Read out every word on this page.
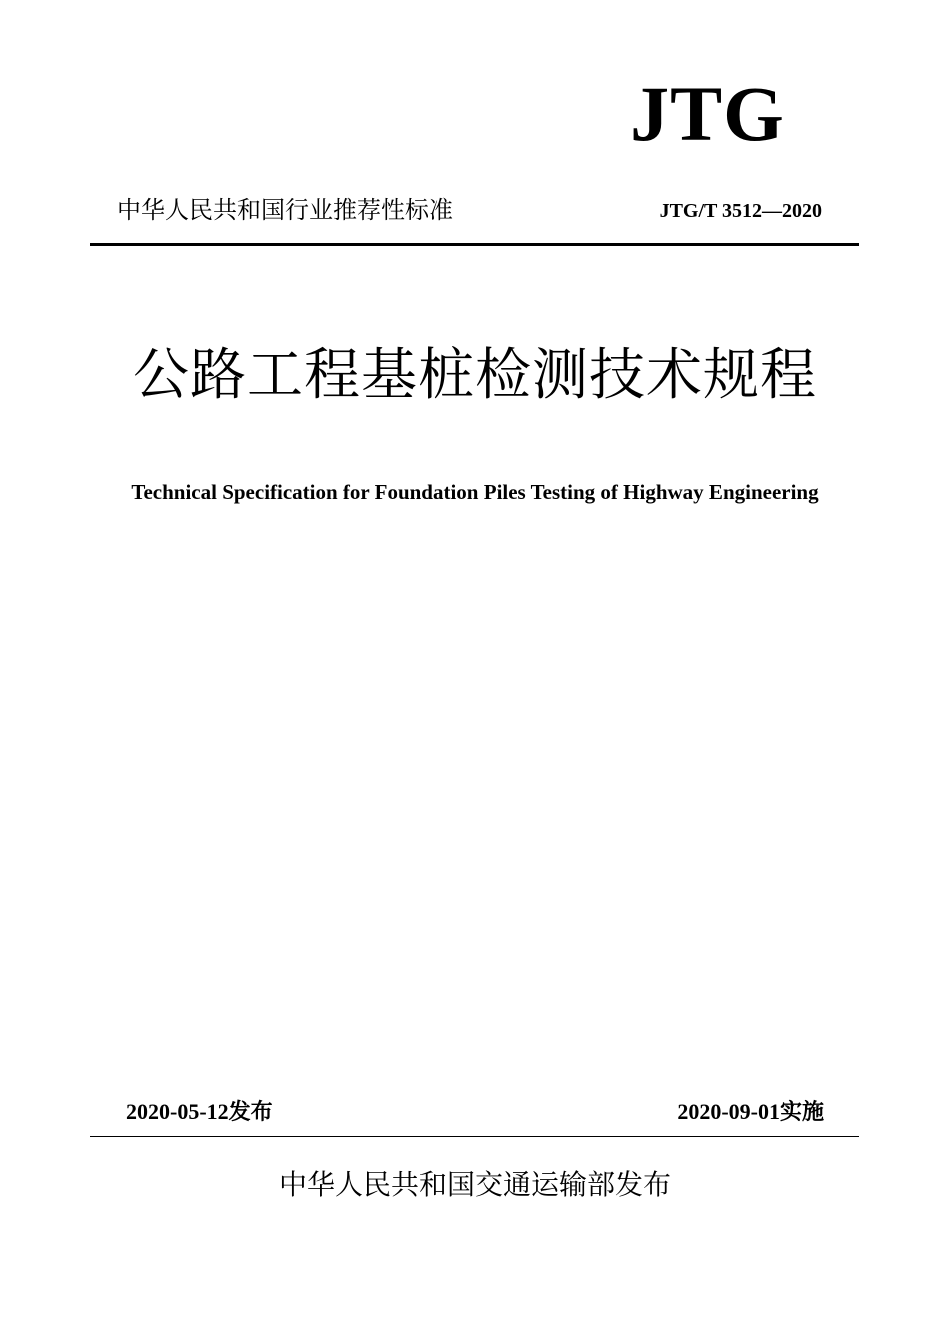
JTG
中华人民共和国行业推荐性标准	JTG/T 3512—2020
公路工程基桩检测技术规程
Technical Specification for Foundation Piles Testing of Highway Engineering
2020-05-12发布	2020-09-01实施
中华人民共和国交通运输部发布
